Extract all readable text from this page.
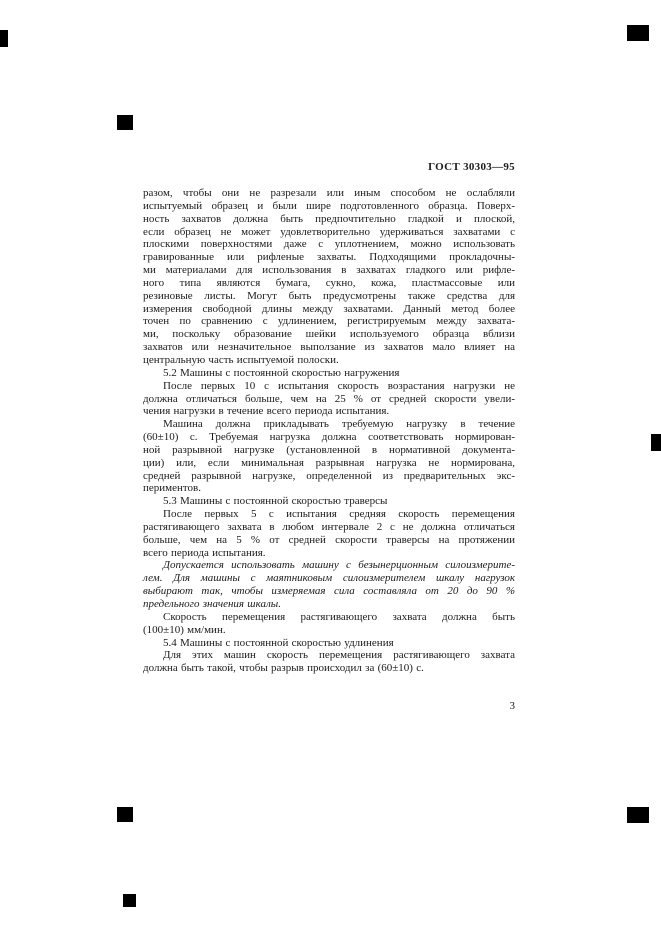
ГОСТ 30303—95
разом, чтобы они не разрезали или иным способом не ослабляли
испытуемый образец и были шире подготовленного образца. Поверх-
ность захватов должна быть предпочтительно гладкой и плоской,
если образец не может удовлетворительно удерживаться захватами с
плоскими поверхностями даже с уплотнением, можно использовать
гравированные или рифленые захваты. Подходящими прокладочны-
ми материалами для использования в захватах гладкого или рифле-
ного типа являются бумага, сукно, кожа, пластмассовые или
резиновые листы. Могут быть предусмотрены также средства для
измерения свободной длины между захватами. Данный метод более
точен по сравнению с удлинением, регистрируемым между захвата-
ми, поскольку образование шейки используемого образца вблизи
захватов или незначительное выползание из захватов мало влияет на
центральную часть испытуемой полоски.
5.2 Машины с постоянной скоростью нагружения
После первых 10 с испытания скорость возрастания нагрузки не
должна отличаться больше, чем на 25 % от средней скорости увели-
чения нагрузки в течение всего периода испытания.
Машина должна прикладывать требуемую нагрузку в течение
(60±10) с. Требуемая нагрузка должна соответствовать нормирован-
ной разрывной нагрузке (установленной в нормативной документа-
ции) или, если минимальная разрывная нагрузка не нормирована,
средней разрывной нагрузке, определенной из предварительных экс-
периментов.
5.3 Машины с постоянной скоростью траверсы
После первых 5 с испытания средняя скорость перемещения
растягивающего захвата в любом интервале 2 с не должна отличаться
больше, чем на 5 % от средней скорости траверсы на протяжении
всего периода испытания.
Допускается использовать машину с безынерционным силоизмерите-
лем. Для машины с маятниковым силоизмерителем шкалу нагрузок
выбирают так, чтобы измеряемая сила составляла от 20 до 90 %
предельного значения шкалы.
Скорость перемещения растягивающего захвата должна быть
(100±10) мм/мин.
5.4 Машины с постоянной скоростью удлинения
Для этих машин скорость перемещения растягивающего захвата
должна быть такой, чтобы разрыв происходил за (60±10) с.
3
